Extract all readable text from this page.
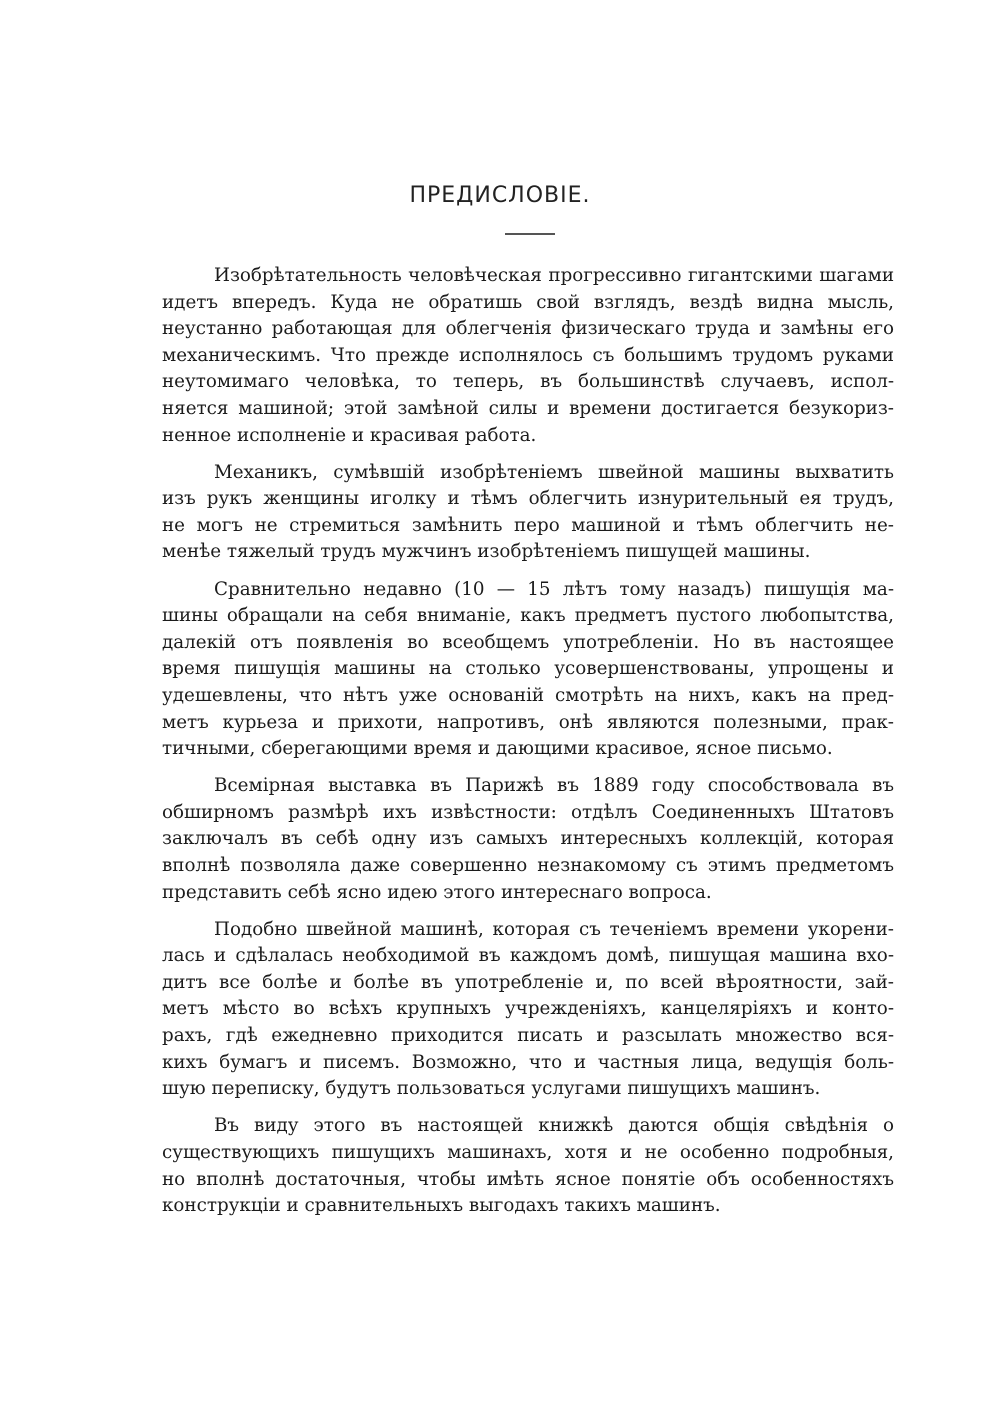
ПРЕДИСЛОВІЕ.
Изобрѣтательность человѣческая прогрессивно гигантскими шагами
идетъ впередъ. Куда не обратишь свой взглядъ, вездѣ видна мысль,
неустанно работающая для облегченія физическаго труда и замѣны его
механическимъ. Что прежде исполнялось съ большимъ трудомъ руками
неутомимаго человѣка, то теперь, въ большинствѣ случаевъ, испол-
няется машиной; этой замѣной силы и времени достигается безукориз-
ненное исполненіе и красивая работа.
Механикъ, сумѣвшій изобрѣтеніемъ швейной машины выхватить
изъ рукъ женщины иголку и тѣмъ облегчить изнурительный ея трудъ,
не могъ не стремиться замѣнить перо машиной и тѣмъ облегчить не-
менѣе тяжелый трудъ мужчинъ изобрѣтеніемъ пишущей машины.
Сравнительно недавно (10 — 15 лѣтъ тому назадъ) пишущія ма-
шины обращали на себя вниманіе, какъ предметъ пустого любопытства,
далекій отъ появленія во всеобщемъ употребленіи. Но въ настоящее
время пишущія машины на столько усовершенствованы, упрощены и
удешевлены, что нѣтъ уже основаній смотрѣть на нихъ, какъ на пред-
метъ курьеза и прихоти, напротивъ, онѣ являются полезными, прак-
тичными, сберегающими время и дающими красивое, ясное письмо.
Всемірная выставка въ Парижѣ въ 1889 году способствовала въ
обширномъ размѣрѣ ихъ извѣстности: отдѣлъ Соединенныхъ Штатовъ
заключалъ въ себѣ одну изъ самыхъ интересныхъ коллекцій, которая
вполнѣ позволяла даже совершенно незнакомому съ этимъ предметомъ
представить себѣ ясно идею этого интереснаго вопроса.
Подобно швейной машинѣ, которая съ теченіемъ времени укорени-
лась и сдѣлалась необходимой въ каждомъ домѣ, пишущая машина вхо-
дитъ все болѣе и болѣе въ употребленіе и, по всей вѣроятности, зай-
метъ мѣсто во всѣхъ крупныхъ учрежденіяхъ, канцеляріяхъ и конто-
рахъ, гдѣ ежедневно приходится писать и разсылать множество вся-
кихъ бумагъ и писемъ. Возможно, что и частныя лица, ведущія боль-
шую переписку, будутъ пользоваться услугами пишущихъ машинъ.
Въ виду этого въ настоящей книжкѣ даются общія свѣдѣнія о
существующихъ пишущихъ машинахъ, хотя и не особенно подробныя,
но вполнѣ достаточныя, чтобы имѣть ясное понятіе объ особенностяхъ
конструкціи и сравнительныхъ выгодахъ такихъ машинъ.
